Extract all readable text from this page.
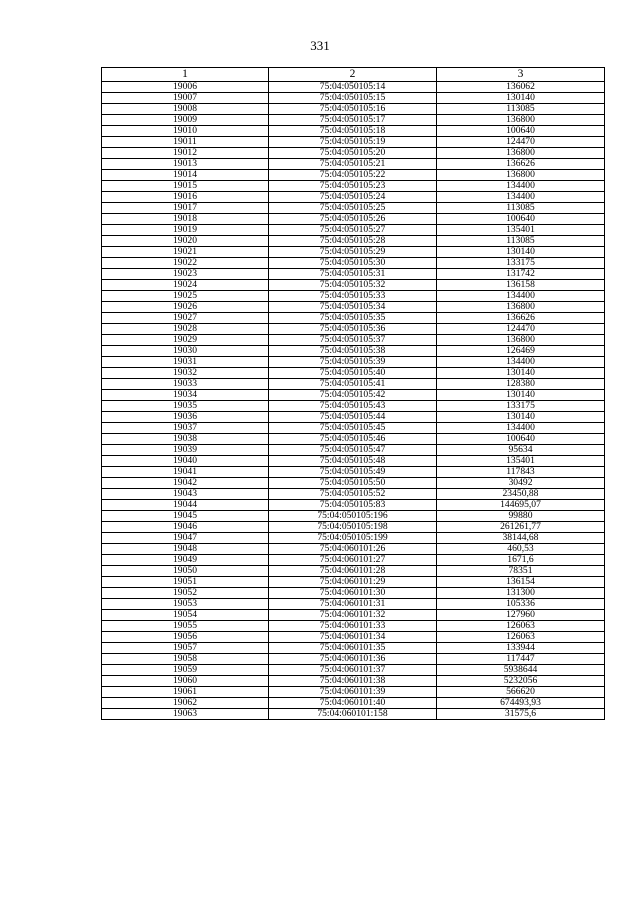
331
1	2	3
19006	75:04:050105:14	136062
19007	75:04:050105:15	130140
19008	75:04:050105:16	113085
19009	75:04:050105:17	136800
19010	75:04:050105:18	100640
19011	75:04:050105:19	124470
19012	75:04:050105:20	136800
19013	75:04:050105:21	136626
19014	75:04:050105:22	136800
19015	75:04:050105:23	134400
19016	75:04:050105:24	134400
19017	75:04:050105:25	113085
19018	75:04:050105:26	100640
19019	75:04:050105:27	135401
19020	75:04:050105:28	113085
19021	75:04:050105:29	130140
19022	75:04:050105:30	133175
19023	75:04:050105:31	131742
19024	75:04:050105:32	136158
19025	75:04:050105:33	134400
19026	75:04:050105:34	136800
19027	75:04:050105:35	136626
19028	75:04:050105:36	124470
19029	75:04:050105:37	136800
19030	75:04:050105:38	126469
19031	75:04:050105:39	134400
19032	75:04:050105:40	130140
19033	75:04:050105:41	128380
19034	75:04:050105:42	130140
19035	75:04:050105:43	133175
19036	75:04:050105:44	130140
19037	75:04:050105:45	134400
19038	75:04:050105:46	100640
19039	75:04:050105:47	95634
19040	75:04:050105:48	135401
19041	75:04:050105:49	117843
19042	75:04:050105:50	30492
19043	75:04:050105:52	23450,88
19044	75:04:050105:83	144695,07
19045	75:04:050105:196	99880
19046	75:04:050105:198	261261,77
19047	75:04:050105:199	38144,68
19048	75:04:060101:26	460,53
19049	75:04:060101:27	1671,6
19050	75:04:060101:28	78351
19051	75:04:060101:29	136154
19052	75:04:060101:30	131300
19053	75:04:060101:31	105336
19054	75:04:060101:32	127960
19055	75:04:060101:33	126063
19056	75:04:060101:34	126063
19057	75:04:060101:35	133944
19058	75:04:060101:36	117447
19059	75:04:060101:37	5938644
19060	75:04:060101:38	5232056
19061	75:04:060101:39	566620
19062	75:04:060101:40	674493,93
19063	75:04:060101:158	31575,6
